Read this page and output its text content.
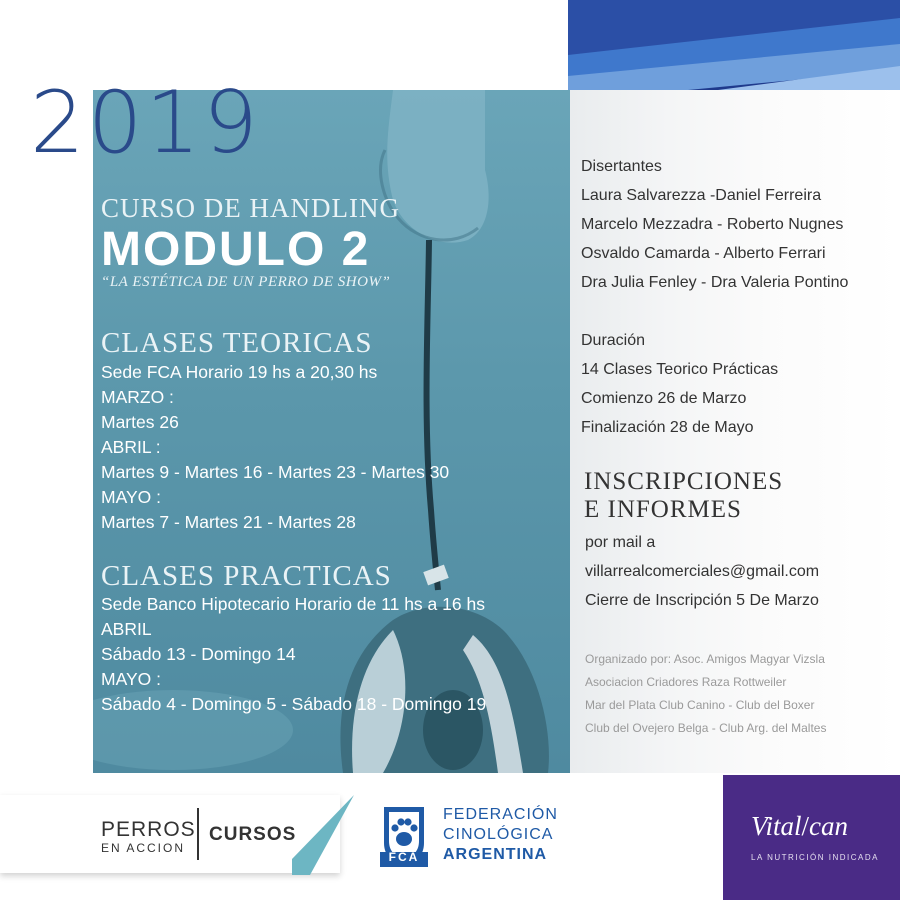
2019
CURSO DE HANDLING
MODULO 2
“LA ESTÉTICA DE UN PERRO DE SHOW”
CLASES TEORICAS
Sede FCA Horario 19 hs a 20,30 hs
MARZO :
Martes 26
ABRIL :
Martes 9 - Martes 16 - Martes 23 - Martes 30
MAYO :
Martes 7 - Martes 21 - Martes 28
CLASES PRACTICAS
Sede Banco Hipotecario Horario de 11 hs a 16 hs
ABRIL
Sábado 13 - Domingo 14
MAYO :
Sábado 4 - Domingo 5 - Sábado 18 - Domingo 19
Disertantes
Laura Salvarezza -Daniel Ferreira
Marcelo Mezzadra - Roberto Nugnes
Osvaldo Camarda - Alberto Ferrari
Dra Julia Fenley - Dra Valeria Pontino
Duración
14 Clases Teorico Prácticas
Comienzo 26 de Marzo
Finalización 28 de Mayo
INSCRIPCIONES
E INFORMES
por mail a
villarrealcomerciales@gmail.com
Cierre de Inscripción 5 De Marzo
Organizado por: Asoc. Amigos Magyar Vizsla
Asociacion Criadores Raza Rottweiler
Mar del Plata Club Canino - Club del Boxer
Club del Ovejero Belga - Club Arg. del Maltes
PERROS
EN ACCION
CURSOS
FCA
FEDERACIÓN
CINOLÓGICA
ARGENTINA
Vital/can
LA NUTRICIÓN INDICADA
